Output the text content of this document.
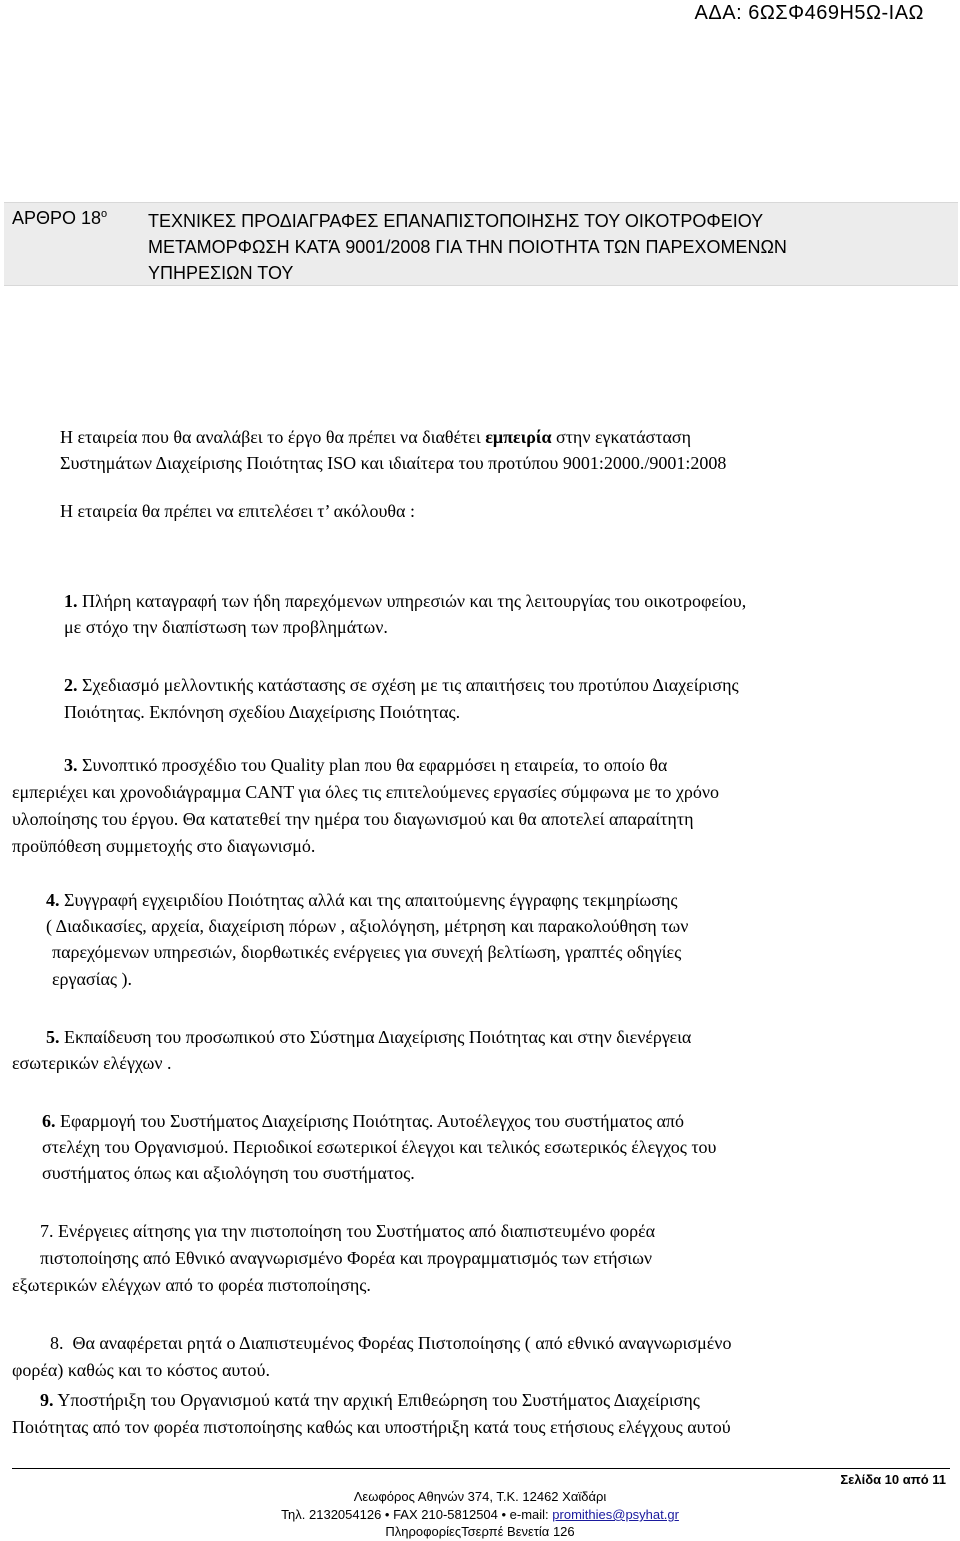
ΑΔΑ: 6ΩΣΦ469Η5Ω-ΙΑΩ
ΑΡΘΡΟ $18^o$ ΤΕΧΝΙΚΕΣ ΠΡΟΔΙΑΓΡΑΦΕΣ ΕΠΑΝΑΠΙΣΤΟΠΟΙΗΣΗΣ ΤΟΥ ΟΙΚΟΤΡΟΦΕΙΟΥ
ΜΕΤΑΜΟΡΦΩΣΗ ΚΑΤΆ 9001/2008 ΓΙΑ ΤΗΝ ΠΟΙΟΤΗΤΑ ΤΩΝ ΠΑΡΕΧΟΜΕΝΩΝ
ΥΠΗΡΕΣΙΩΝ ΤΟΥ
Η εταιρεία που θα αναλάβει το έργο θα πρέπει να διαθέτει εμπειρία στην εγκατάσταση
Συστημάτων Διαχείρισης Ποιότητας ISO και ιδιαίτερα του προτύπου 9001:2000./9001:2008
Η εταιρεία θα πρέπει να επιτελέσει τ’ ακόλουθα :
1. Πλήρη καταγραφή των ήδη παρεχόμενων υπηρεσιών και της λειτουργίας του οικοτροφείου,
με στόχο την διαπίστωση των προβλημάτων.
2. Σχεδιασμό μελλοντικής κατάστασης σε σχέση με τις απαιτήσεις του προτύπου Διαχείρισης
Ποιότητας. Εκπόνηση σχεδίου Διαχείρισης Ποιότητας.
3. Συνοπτικό προσχέδιο του Quality plan που θα εφαρμόσει η εταιρεία, το οποίο θα
εμπεριέχει και χρονοδιάγραμμα CANT για όλες τις επιτελούμενες εργασίες σύμφωνα με το χρόνο
υλοποίησης του έργου. Θα κατατεθεί την ημέρα του διαγωνισμού και θα αποτελεί απαραίτητη
προϋπόθεση συμμετοχής στο διαγωνισμό.
4. Συγγραφή εγχειριδίου Ποιότητας αλλά και της απαιτούμενης έγγραφης τεκμηρίωσης
( Διαδικασίες, αρχεία, διαχείριση πόρων , αξιολόγηση, μέτρηση και παρακολούθηση των
παρεχόμενων υπηρεσιών, διορθωτικές ενέργειες για συνεχή βελτίωση, γραπτές οδηγίες
εργασίας ).
5. Εκπαίδευση του προσωπικού στο Σύστημα Διαχείρισης Ποιότητας και στην διενέργεια
εσωτερικών ελέγχων .
6. Εφαρμογή του Συστήματος Διαχείρισης Ποιότητας. Αυτοέλεγχος του συστήματος από
στελέχη του Οργανισμού. Περιοδικοί εσωτερικοί έλεγχοι και τελικός εσωτερικός έλεγχος του
συστήματος όπως και αξιολόγηση του συστήματος.
7. Ενέργειες αίτησης για την πιστοποίηση του Συστήματος από διαπιστευμένο φορέα
πιστοποίησης από Εθνικό αναγνωρισμένο Φορέα και προγραμματισμός των ετήσιων
εξωτερικών ελέγχων από το φορέα πιστοποίησης.
8. Θα αναφέρεται ρητά ο Διαπιστευμένος Φορέας Πιστοποίησης ( από εθνικό αναγνωρισμένο
φορέα) καθώς και το κόστος αυτού.
9. Υποστήριξη του Οργανισμού κατά την αρχική Επιθεώρηση του Συστήματος Διαχείρισης
Ποιότητας από τον φορέα πιστοποίησης καθώς και υποστήριξη κατά τους ετήσιους ελέγχους αυτού
Σελίδα 10 από 11
Λεωφόρος Αθηνών 374, Τ.Κ. 12462 Χαϊδάρι
Τηλ. 2132054126 • FAX 210-5812504 • e-mail: promithies@psyhat.gr
ΠληροφορίεςΤσερπέ Βενετία 126
